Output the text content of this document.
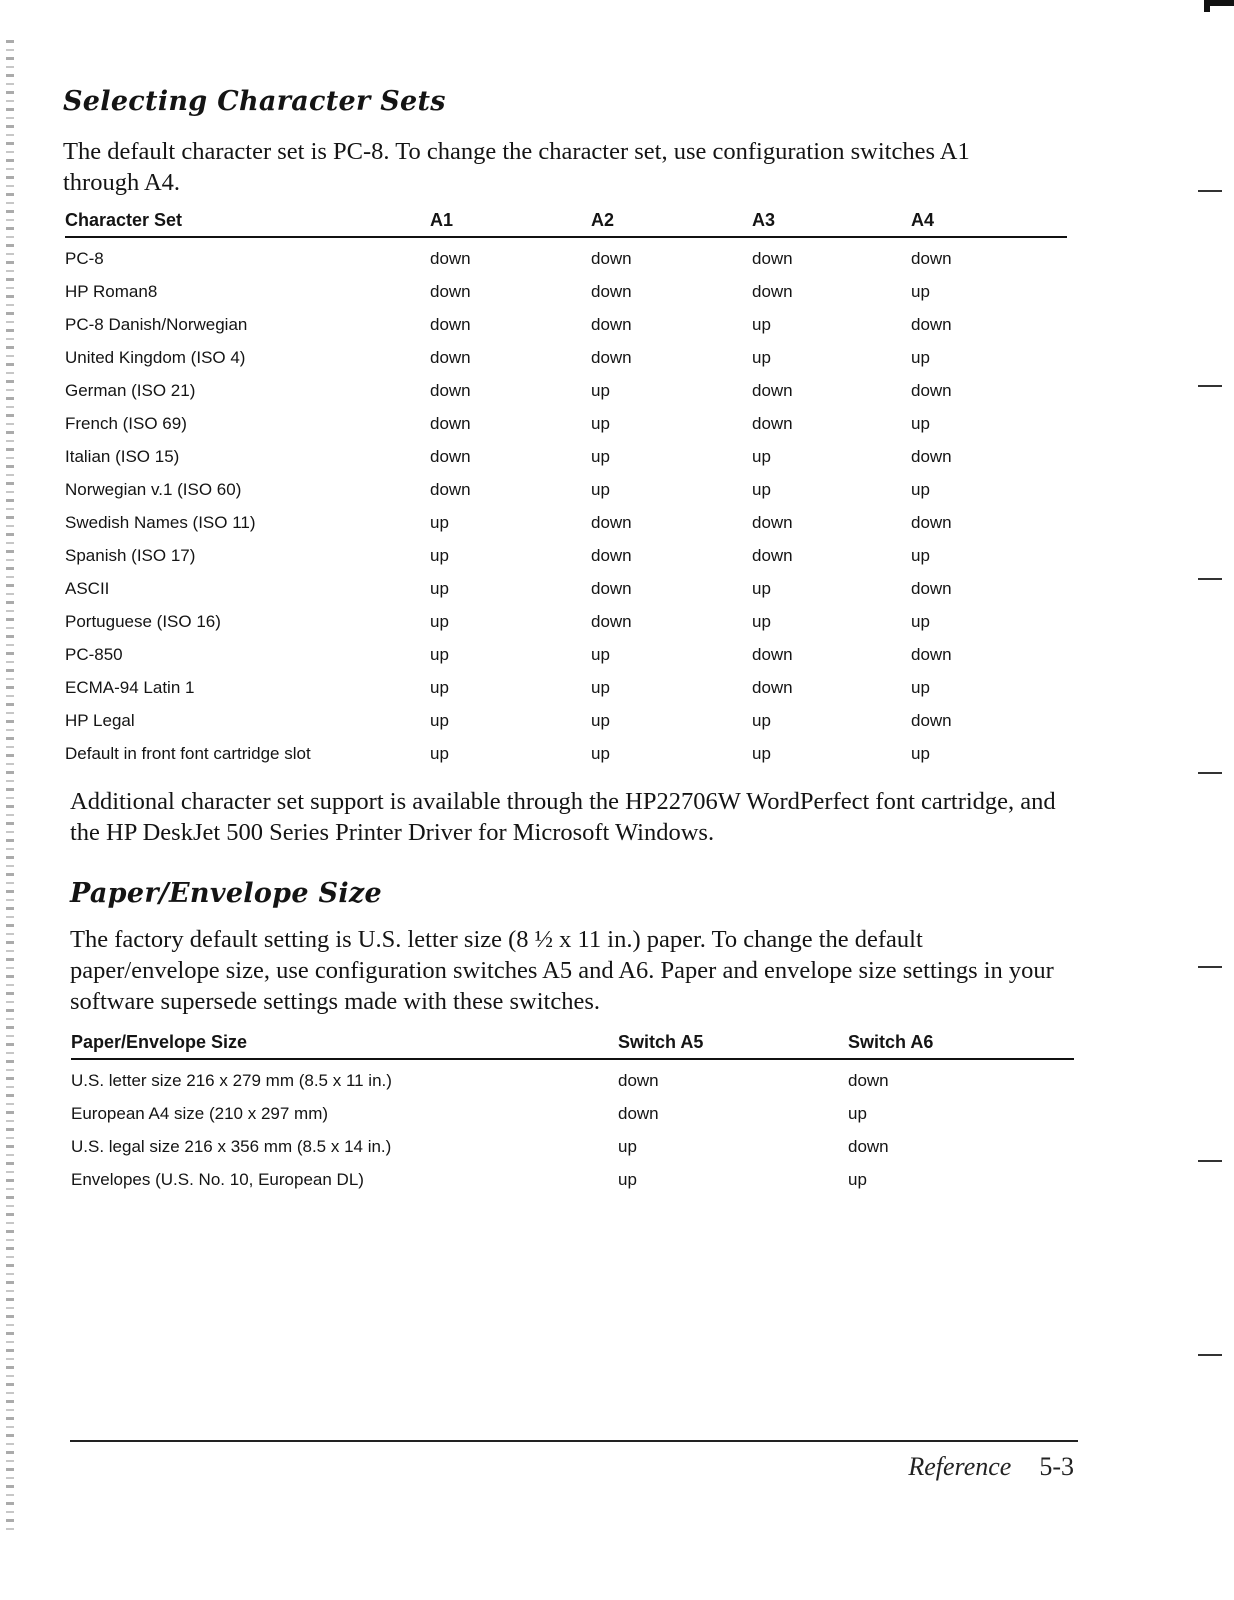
Selecting Character Sets

The default character set is PC-8. To change the character set, use configuration switches A1 through A4.

Character Set	A1	A2	A3	A4
PC-8	down	down	down	down
HP Roman8	down	down	down	up
PC-8 Danish/Norwegian	down	down	up	down
United Kingdom (ISO 4)	down	down	up	up
German (ISO 21)	down	up	down	down
French (ISO 69)	down	up	down	up
Italian (ISO 15)	down	up	up	down
Norwegian v.1 (ISO 60)	down	up	up	up
Swedish Names (ISO 11)	up	down	down	down
Spanish (ISO 17)	up	down	down	up
ASCII	up	down	up	down
Portuguese (ISO 16)	up	down	up	up
PC-850	up	up	down	down
ECMA-94 Latin 1	up	up	down	up
HP Legal	up	up	up	down
Default in front font cartridge slot	up	up	up	up

Additional character set support is available through the HP22706W WordPerfect font cartridge, and the HP DeskJet 500 Series Printer Driver for Microsoft Windows.

Paper/Envelope Size

The factory default setting is U.S. letter size (8 ½ x 11 in.) paper. To change the default paper/envelope size, use configuration switches A5 and A6. Paper and envelope size settings in your software supersede settings made with these switches.

Paper/Envelope Size	Switch A5	Switch A6
U.S. letter size 216 x 279 mm (8.5 x 11 in.)	down	down
European A4 size (210 x 297 mm)	down	up
U.S. legal size 216 x 356 mm (8.5 x 14 in.)	up	down
Envelopes (U.S. No. 10, European DL)	up	up
Reference 5-3
